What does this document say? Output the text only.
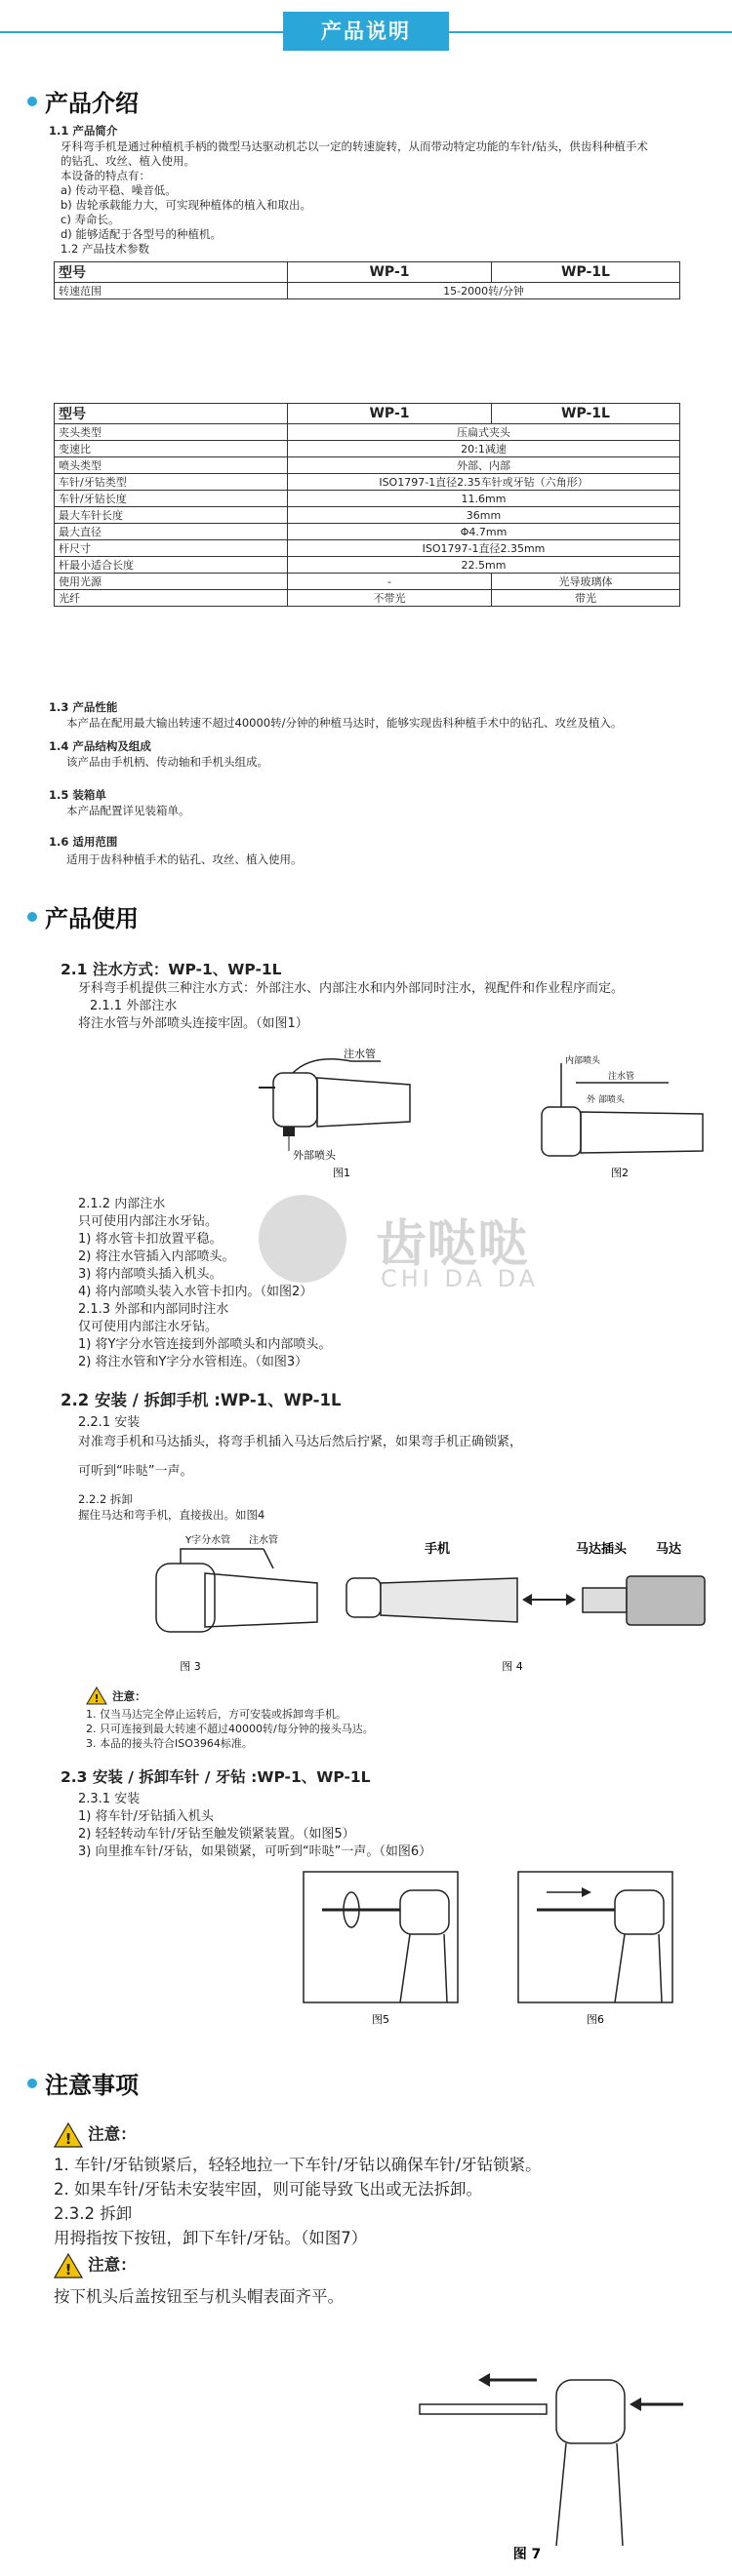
产品说明
产品介绍
1.1 产品简介
牙科弯手机是通过种植机手柄的微型马达驱动机芯以一定的转速旋转，从而带动特定功能的车针/钻头，供齿科种植手术
的钻孔、攻丝、植入使用。
本设备的特点有：
a) 传动平稳、噪音低。
b) 齿轮承载能力大，可实现种植体的植入和取出。
c) 寿命长。
d) 能够适配于各型号的种植机。
1.2 产品技术参数
型号	WP-1	WP-1L
转速范围	15-2000转/分钟	
型号	WP-1	WP-1L
夹头类型	压扁式夹头	
变速比	20:1减速	
喷头类型	外部、内部	
车针/牙钻类型	ISO1797-1直径2.35车针或牙钻（六角形）	
车针/牙钻长度	11.6mm	
最大车针长度	36mm	
最大直径	Φ4.7mm	
杆尺寸	ISO1797-1直径2.35mm	
杆最小适合长度	22.5mm	
使用光源	-	光导玻璃体
光纤	不带光	带光
1.3 产品性能
本产品在配用最大输出转速不超过40000转/分钟的种植马达时，能够实现齿科种植手术中的钻孔、攻丝及植入。
1.4 产品结构及组成
该产品由手机柄、传动轴和手机头组成。
1.5 装箱单
本产品配置详见装箱单。
1.6 适用范围
适用于齿科种植手术的钻孔、攻丝、植入使用。
产品使用
2.1 注水方式：WP-1、WP-1L
牙科弯手机提供三种注水方式：外部注水、内部注水和内外部同时注水，视配件和作业程序而定。
2.1.1 外部注水
将注水管与外部喷头连接牢固。（如图1）
注水管
外部喷头
图1
内部喷头
注水管
外 部喷头
图2
齿哒哒
CHI DA DA
2.1.2 内部注水
只可使用内部注水牙钻。
1) 将水管卡扣放置平稳。
2) 将注水管插入内部喷头。
3) 将内部喷头插入机头。
4) 将内部喷头装入水管卡扣内。（如图2）
2.1.3 外部和内部同时注水
仅可使用内部注水牙钻。
1) 将Y字分水管连接到外部喷头和内部喷头。
2) 将注水管和Y字分水管相连。（如图3）
2.2 安装 / 拆卸手机 :WP-1、WP-1L
2.2.1 安装
对准弯手机和马达插头，将弯手机插入马达后然后拧紧，如果弯手机正确锁紧，
可听到“咔哒”一声。
2.2.2 拆卸
握住马达和弯手机，直接拔出。如图4
Y字分水管 注水管
图 3
手机	马达插头 马达
图 4
! 注意：
1. 仅当马达完全停止运转后，方可安装或拆卸弯手机。
2. 只可连接到最大转速不超过40000转/每分钟的接头马达。
3. 本品的接头符合ISO3964标准。
2.3 安装 / 拆卸车针 / 牙钻 :WP-1、WP-1L
2.3.1 安装
1) 将车针/牙钻插入机头
2) 轻轻转动车针/牙钻至触发锁紧装置。（如图5）
3) 向里推车针/牙钻，如果锁紧，可听到“咔哒”一声。（如图6）
图5	图6
注意事项
! 注意：
1. 车针/牙钻锁紧后，轻轻地拉一下车针/牙钻以确保车针/牙钻锁紧。
2. 如果车针/牙钻未安装牢固，则可能导致飞出或无法拆卸。
2.3.2 拆卸
用拇指按下按钮，卸下车针/牙钻。（如图7）
! 注意：
按下机头后盖按钮至与机头帽表面齐平。
图 7
